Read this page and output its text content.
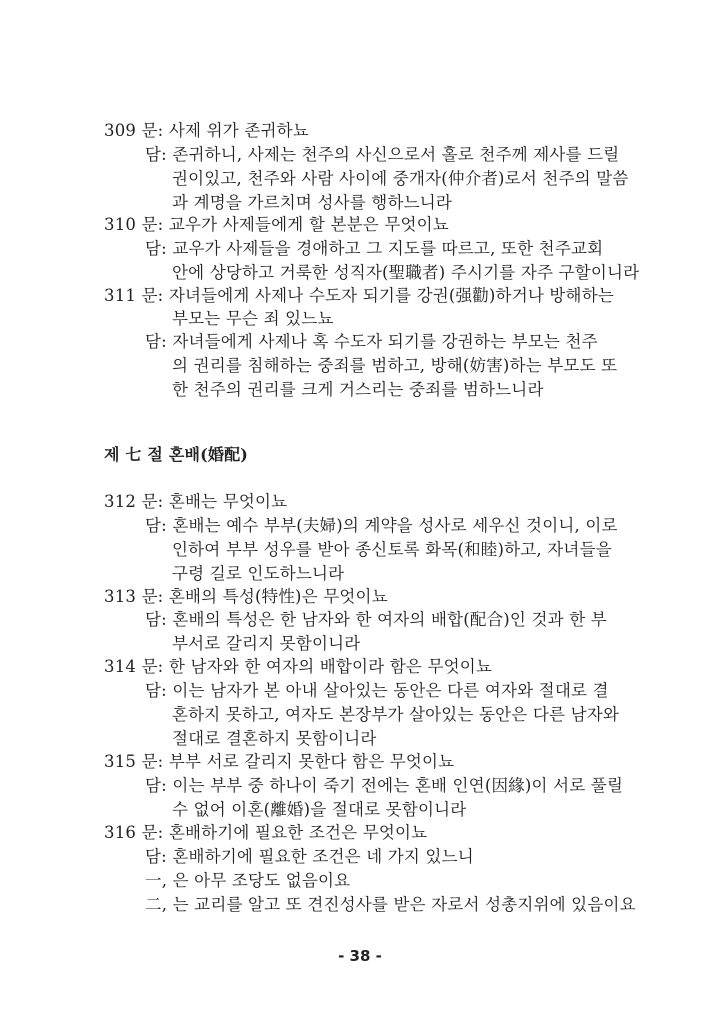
309 문: 사제 위가 존귀하뇨
담: 존귀하니, 사제는 천주의 사신으로서 홀로 천주께 제사를 드릴
권이있고, 천주와 사람 사이에 중개자(仲介者)로서 천주의 말씀
과 계명을 가르치며 성사를 행하느니라
310 문: 교우가 사제들에게 할 본분은 무엇이뇨
담: 교우가 사제들을 경애하고 그 지도를 따르고, 또한 천주교회
안에 상당하고 거룩한 성직자(聖職者) 주시기를 자주 구할이니라
311 문: 자녀들에게 사제나 수도자 되기를 강권(强勸)하거나 방해하는
부모는 무슨 죄 있느뇨
담: 자녀들에게 사제나 혹 수도자 되기를 강권하는 부모는 천주
의 권리를 침해하는 중죄를 범하고, 방해(妨害)하는 부모도 또
한 천주의 권리를 크게 거스리는 중죄를 범하느니라
제 七 절 혼배(婚配)
312 문: 혼배는 무엇이뇨
담: 혼배는 예수 부부(夫婦)의 계약을 성사로 세우신 것이니, 이로
인하여 부부 성우를 받아 종신토록 화목(和睦)하고, 자녀들을
구령 길로 인도하느니라
313 문: 혼배의 특성(特性)은 무엇이뇨
담: 혼배의 특성은 한 남자와 한 여자의 배합(配合)인 것과 한 부
부서로 갈리지 못함이니라
314 문: 한 남자와 한 여자의 배합이라 함은 무엇이뇨
담: 이는 남자가 본 아내 살아있는 동안은 다른 여자와 절대로 결
혼하지 못하고, 여자도 본장부가 살아있는 동안은 다른 남자와
절대로 결혼하지 못함이니라
315 문: 부부 서로 갈리지 못한다 함은 무엇이뇨
담: 이는 부부 중 하나이 죽기 전에는 혼배 인연(因緣)이 서로 풀릴
수 없어 이혼(離婚)을 절대로 못함이니라
316 문: 혼배하기에 필요한 조건은 무엇이뇨
담: 혼배하기에 필요한 조건은 네 가지 있느니
一, 은 아무 조당도 없음이요
二, 는 교리를 알고 또 견진성사를 받은 자로서 성총지위에 있음이요
- 38 -
